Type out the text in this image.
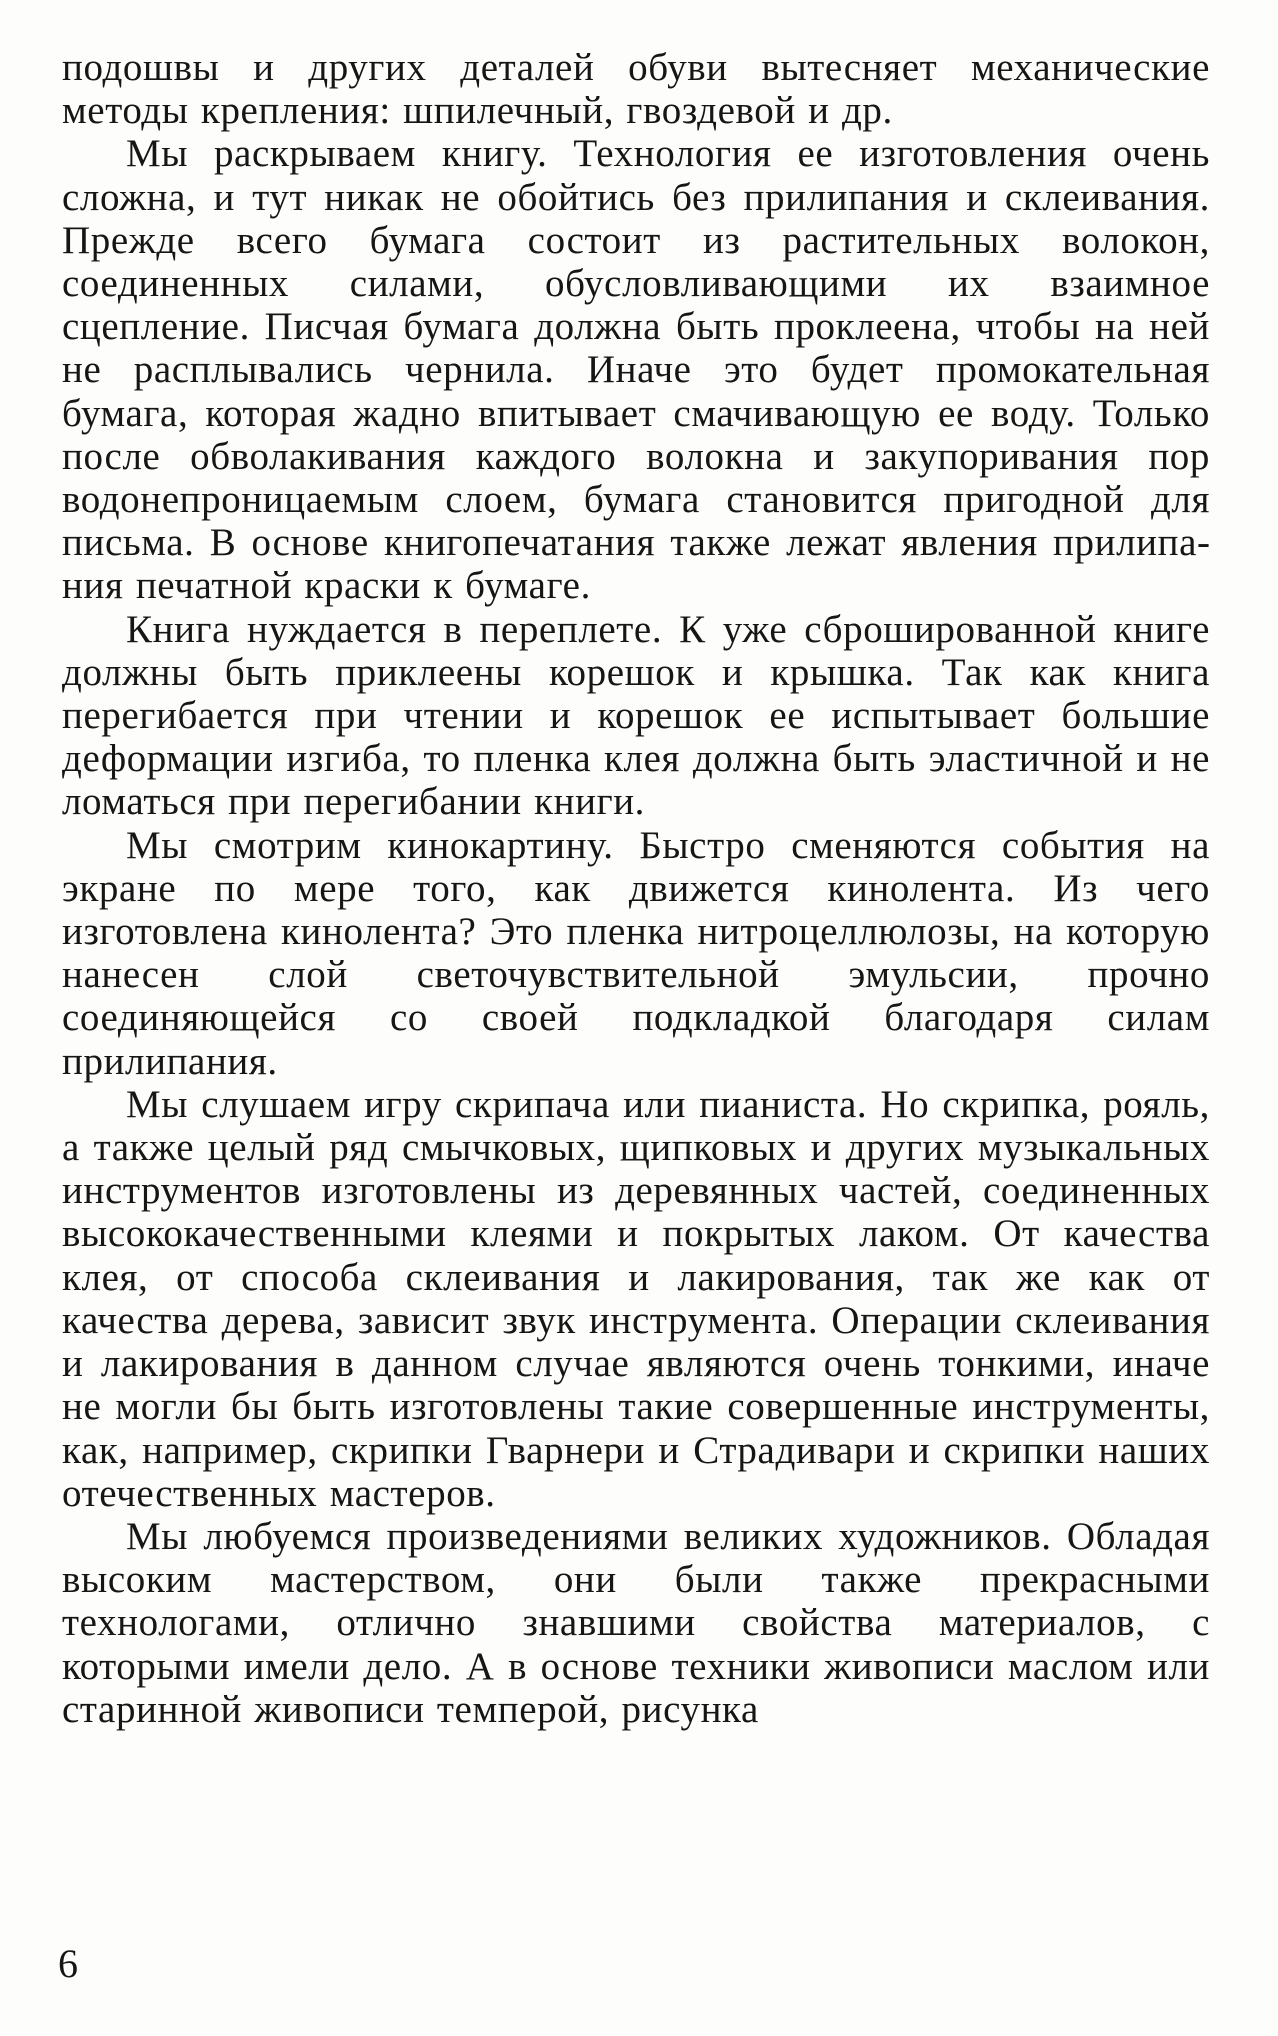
подошвы и других деталей обуви вытесняет механические методы крепления: шпилечный, гвоздевой и др.

Мы раскрываем книгу. Технология ее изготовления очень сложна, и тут никак не обойтись без прилипания и склеивания. Прежде всего бумага состоит из растительных волокон, соединенных силами, обусловливающими их взаимное сцепление. Писчая бумага должна быть проклеена, чтобы на ней не расплывались чернила. Иначе это будет промокательная бумага, которая жадно впитывает смачивающую ее воду. Только после обволакивания каждого волокна и закупоривания пор водонепроницаемым слоем, бумага становится пригодной для письма. В основе книгопечатания также лежат явления прилипания печатной краски к бумаге.

Книга нуждается в переплете. К уже сброшированной книге должны быть приклеены корешок и крышка. Так как книга перегибается при чтении и корешок ее испытывает большие деформации изгиба, то пленка клея должна быть эластичной и не ломаться при перегибании книги.

Мы смотрим кинокартину. Быстро сменяются события на экране по мере того, как движется кинолента. Из чего изготовлена кинолента? Это пленка нитроцеллюлозы, на которую нанесен слой светочувствительной эмульсии, прочно соединяющейся со своей подкладкой благодаря силам прилипания.

Мы слушаем игру скрипача или пианиста. Но скрипка, рояль, а также целый ряд смычковых, щипковых и других музыкальных инструментов изготовлены из деревянных частей, соединенных высококачественными клеями и покрытых лаком. От качества клея, от способа склеивания и лакирования, так же как от качества дерева, зависит звук инструмента. Операции склеивания и лакирования в данном случае являются очень тонкими, иначе не могли бы быть изготовлены такие совершенные инструменты, как, например, скрипки Гварнери и Страдивари и скрипки наших отечественных мастеров.

Мы любуемся произведениями великих художников. Обладая высоким мастерством, они были также прекрасными технологами, отлично знавшими свойства материалов, с которыми имели дело. А в основе техники живописи маслом или старинной живописи темперой, рисунка

6
